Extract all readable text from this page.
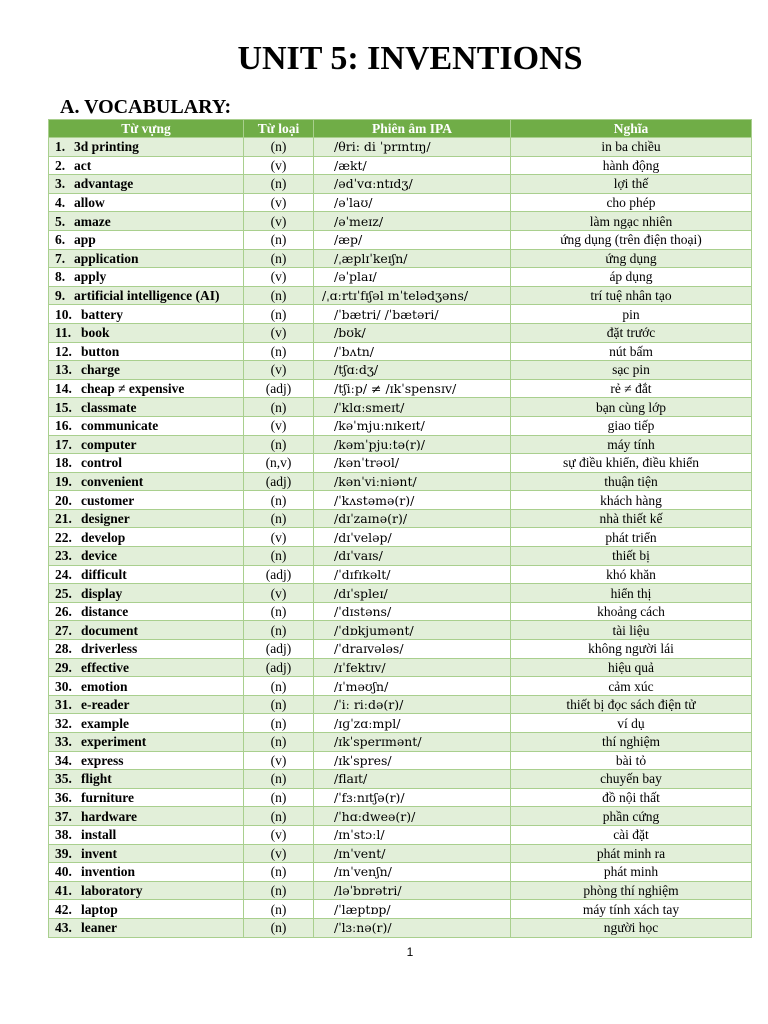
UNIT 5: INVENTIONS
A. VOCABULARY:
Từ vựng	Từ loại	Phiên âm IPA	Nghĩa
1. 3d printing	(n)	/θri: di ˈprɪntɪŋ/	in ba chiều
2. act	(v)	/ækt/	hành động
3. advantage	(n)	/ədˈvɑːntɪdʒ/	lợi thế
4. allow	(v)	/əˈlaʊ/	cho phép
5. amaze	(v)	/əˈmeɪz/	làm ngạc nhiên
6. app	(n)	/æp/	ứng dụng (trên điện thoại)
7. application	(n)	/ˌæplɪˈkeɪʃn/	ứng dụng
8. apply	(v)	/əˈplaɪ/	áp dụng
9. artificial intelligence (AI)	(n)	/ˌɑːrtɪˈfɪʃəl ɪnˈtelədʒəns/	trí tuệ nhân tạo
10. battery	(n)	/ˈbætri/ /ˈbætəri/	pin
11. book	(v)	/bʊk/	đặt trước
12. button	(n)	/ˈbʌtn/	nút bấm
13. charge	(v)	/tʃɑːdʒ/	sạc pin
14. cheap ≠ expensive	(adj)	/tʃiːp/ ≠ /ɪkˈspensɪv/	rẻ ≠ đắt
15. classmate	(n)	/ˈklɑːsmeɪt/	bạn cùng lớp
16. communicate	(v)	/kəˈmjuːnɪkeɪt/	giao tiếp
17. computer	(n)	/kəmˈpjuːtə(r)/	máy tính
18. control	(n,v)	/kənˈtrəʊl/	sự điều khiển, điều khiển
19. convenient	(adj)	/kənˈviːniənt/	thuận tiện
20. customer	(n)	/ˈkʌstəmə(r)/	khách hàng
21. designer	(n)	/dɪˈzaɪnə(r)/	nhà thiết kế
22. develop	(v)	/dɪˈveləp/	phát triển
23. device	(n)	/dɪˈvaɪs/	thiết bị
24. difficult	(adj)	/ˈdɪfɪkəlt/	khó khăn
25. display	(v)	/dɪˈspleɪ/	hiển thị
26. distance	(n)	/ˈdɪstəns/	khoảng cách
27. document	(n)	/ˈdɒkjumənt/	tài liệu
28. driverless	(adj)	/ˈdraɪvələs/	không người lái
29. effective	(adj)	/ɪˈfektɪv/	hiệu quả
30. emotion	(n)	/ɪˈməʊʃn/	cảm xúc
31. e-reader	(n)	/ˈiː riːdə(r)/	thiết bị đọc sách điện tử
32. example	(n)	/ɪɡˈzɑːmpl/	ví dụ
33. experiment	(n)	/ɪkˈsperɪmənt/	thí nghiệm
34. express	(v)	/ɪkˈspres/	bài tỏ
35. flight	(n)	/flaɪt/	chuyến bay
36. furniture	(n)	/ˈfɜːnɪtʃə(r)/	đồ nội thất
37. hardware	(n)	/ˈhɑːdweə(r)/	phần cứng
38. install	(v)	/ɪnˈstɔːl/	cài đặt
39. invent	(v)	/ɪnˈvent/	phát minh ra
40. invention	(n)	/ɪnˈvenʃn/	phát minh
41. laboratory	(n)	/ləˈbɒrətri/	phòng thí nghiệm
42. laptop	(n)	/ˈlæptɒp/	máy tính xách tay
43. leaner	(n)	/ˈlɜːnə(r)/	người học
1
